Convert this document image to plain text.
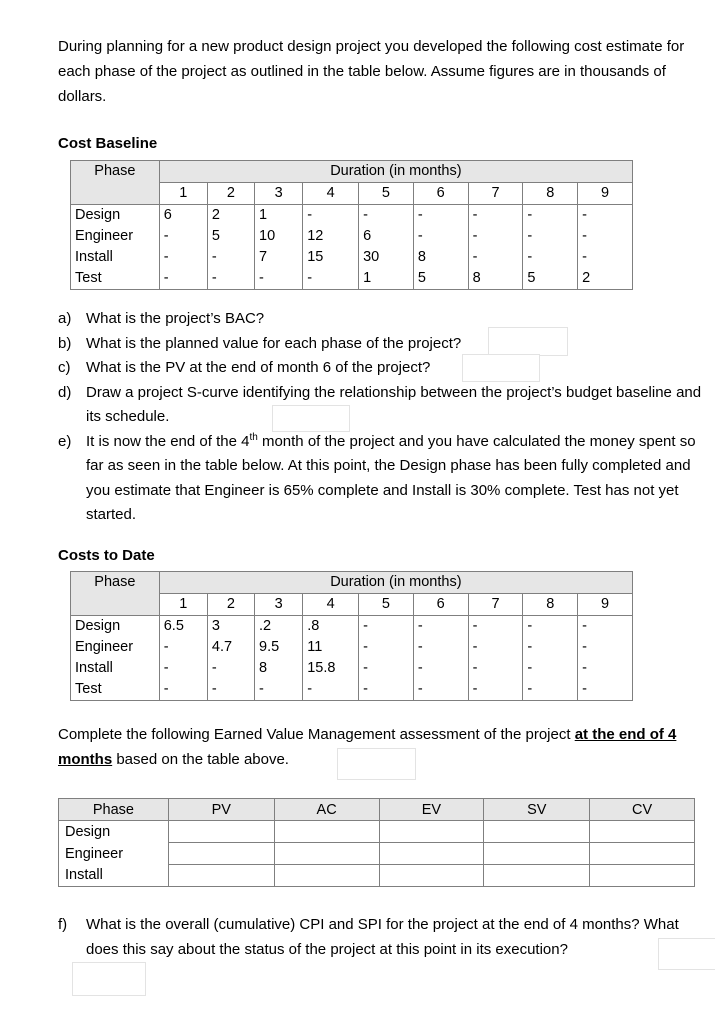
During planning for a new product design project you developed the following cost estimate for each phase of the project as outlined in the table below. Assume figures are in thousands of dollars.
Cost Baseline
Phase	Duration (in months)								
	1	2	3	4	5	6	7	8	9
Design	6	2	1	-	-	-	-	-	-
Engineer	-	5	10	12	6	-	-	-	-
Install	-	-	7	15	30	8	-	-	-
Test	-	-	-	-	1	5	8	5	2
a) What is the project’s BAC?
b) What is the planned value for each phase of the project?
c)	What is the PV at the end of month 6 of the project?
d) Draw a project S-curve identifying the relationship between the project’s budget baseline and its schedule.
e) It is now the end of the 4th month of the project and you have calculated the money spent so far as seen in the table below. At this point, the Design phase has been fully completed and you estimate that Engineer is 65% complete and Install is 30% complete. Test has not yet started.
Costs to Date
Phase	Duration (in months)								
	1	2	3	4	5	6	7	8	9
Design	6.5	3	.2	.8	-	-	-	-	-
Engineer	-	4.7	9.5	11	-	-	-	-	-
Install	-	-	8	15.8	-	-	-	-	-
Test	-	-	-	-	-	-	-	-	-
Complete the following Earned Value Management assessment of the project at the end of 4 months based on the table above.
Phase	PV	AC	EV	SV	CV
Design					
Engineer					
Install					
f)	What is the overall (cumulative) CPI and SPI for the project at the end of 4 months? What does this say about the status of the project at this point in its execution?
